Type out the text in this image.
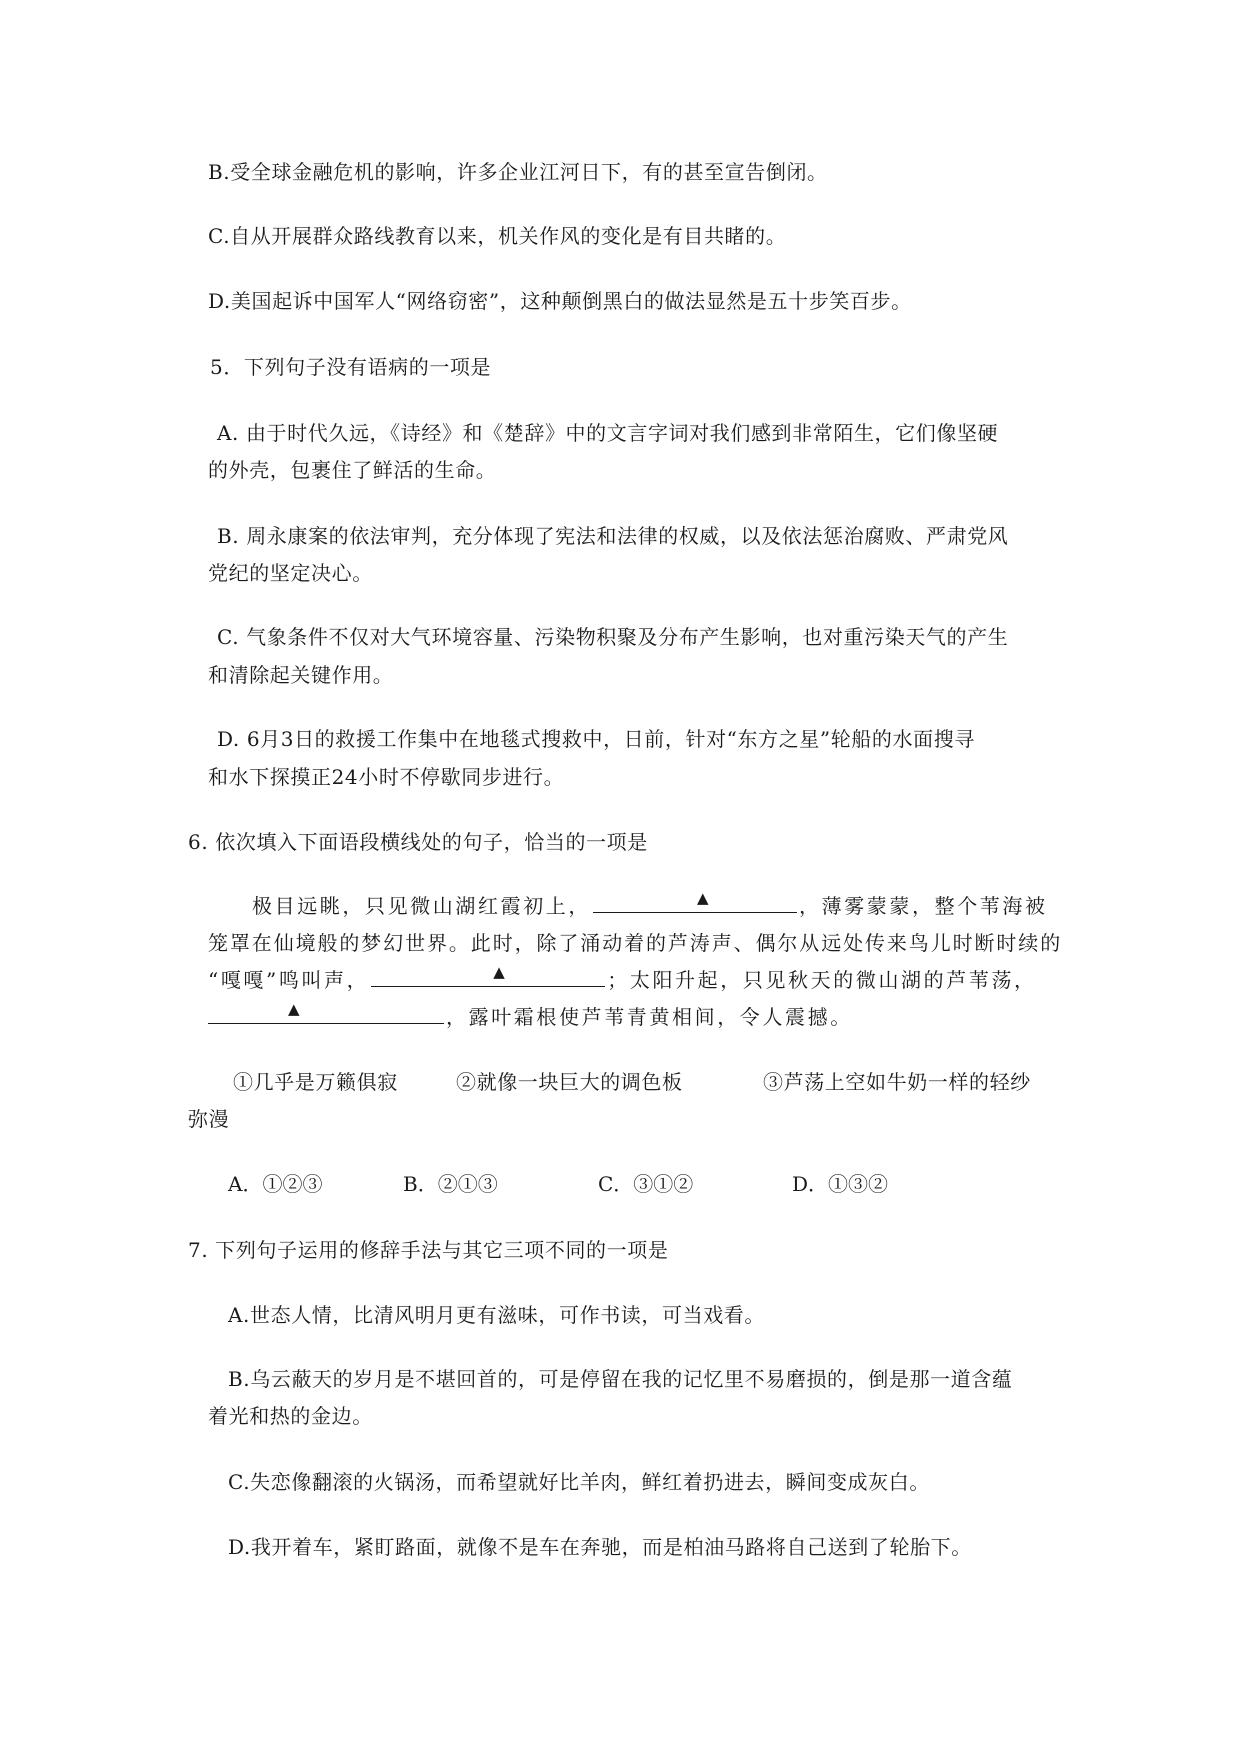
B.受全球金融危机的影响，许多企业江河日下，有的甚至宣告倒闭。
C.自从开展群众路线教育以来，机关作风的变化是有目共睹的。
D.美国起诉中国军人“网络窃密”，这种颠倒黑白的做法显然是五十步笑百步。
5．下列句子没有语病的一项是
A. 由于时代久远，《诗经》和《楚辞》中的文言字词对我们感到非常陌生，它们像坚硬
的外壳，包裹住了鲜活的生命。
B. 周永康案的依法审判，充分体现了宪法和法律的权威，以及依法惩治腐败、严肃党风
党纪的坚定决心。
C. 气象条件不仅对大气环境容量、污染物积聚及分布产生影响，也对重污染天气的产生
和清除起关键作用。
D. 6月3日的救援工作集中在地毯式搜救中，日前，针对“东方之星”轮船的水面搜寻
和水下探摸正24小时不停歇同步进行。
6. 依次填入下面语段横线处的句子，恰当的一项是
极目远眺，只见微山湖红霞初上，	▲	，薄雾蒙蒙，整个苇海被
笼罩在仙境般的梦幻世界。此时，除了涌动着的芦涛声、偶尔从远处传来鸟儿时断时续的
“嘎嘎”鸣叫声，	▲	；太阳升起，只见秋天的微山湖的芦苇荡，
▲	，露叶霜根使芦苇青黄相间，令人震撼。
①几乎是万籁俱寂	②就像一块巨大的调色板	③芦荡上空如牛奶一样的轻纱
弥漫
A．①②③	B．②①③	C．③①②	D．①③②
7. 下列句子运用的修辞手法与其它三项不同的一项是
A.世态人情，比清风明月更有滋味，可作书读，可当戏看。
B.乌云蔽天的岁月是不堪回首的，可是停留在我的记忆里不易磨损的，倒是那一道含蕴
着光和热的金边。
C.失恋像翻滚的火锅汤，而希望就好比羊肉，鲜红着扔进去，瞬间变成灰白。
D.我开着车，紧盯路面，就像不是车在奔驰，而是柏油马路将自己送到了轮胎下。
